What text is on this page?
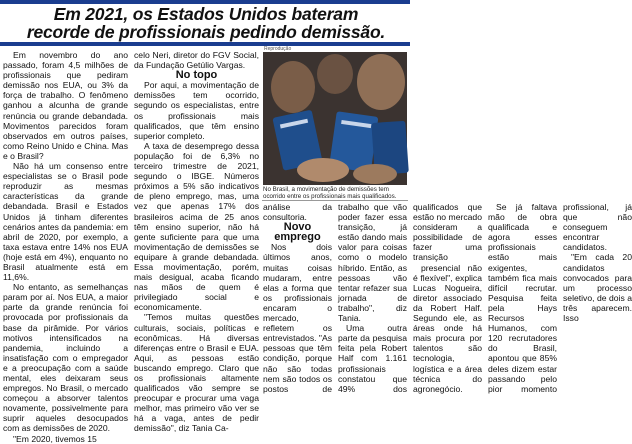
Em 2021, os Estados Unidos bateram
recorde de profissionais pedindo demissão.

Em novembro do ano passado, foram 4,5 milhões de profissionais que pediram demissão nos EUA, ou 3% da força de trabalho. O fenômeno ganhou a alcunha de grande renúncia ou grande debandada. Movimentos parecidos foram observados em outros países, como Reino Unido e China. Mas e o Brasil?

Não há um consenso entre especialistas se o Brasil pode reproduzir as mesmas características da grande debandada. Brasil e Estados Unidos já tinham diferentes cenários antes da pandemia: em abril de 2020, por exemplo, a taxa estava entre 14% nos EUA (hoje está em 4%), enquanto no Brasil atualmente está em 11,6%.

No entanto, as semelhanças param por aí. Nos EUA, a maior parte da grande renúncia foi provocada por profissionais da base da pirâmide. Por vários motivos intensificados na pandemia, incluindo a insatisfação com o empregador e a preocupação com a saúde mental, eles deixaram seus empregos. No Brasil, o mercado começou a absorver talentos novamente, possivelmente para suprir aqueles desocupados com as demissões de 2020.

"Em 2020, tivemos 15

celo Neri, diretor do FGV Social, da Fundação Getúlio Vargas.

No topo

Por aqui, a movimentação de demissões tem ocorrido, segundo os especialistas, entre os profissionais mais qualificados, que têm ensino superior completo.

A taxa de desemprego dessa população foi de 6,3% no terceiro trimestre de 2021, segundo o IBGE. Números próximos a 5% são indicativos de pleno emprego, mas, uma vez que apenas 17% dos brasileiros acima de 25 anos têm ensino superior, não há gente suficiente para que uma movimentação de demissões se equipare à grande debandada. Essa movimentação, porém, mais desigual, acaba ficando nas mãos de quem é privilegiado social e economicamente.

"Temos muitas questões culturais, sociais, políticas e econômicas. Há diversas diferenças entre o Brasil e EUA. Aqui, as pessoas estão buscando emprego. Claro que os profissionais altamente qualificados vão sempre se preocupar e procurar uma vaga melhor, mas primeiro vão ver se há a vaga, antes de pedir demissão", diz Tania Ca-

Reprodução
No Brasil, a movimentação de demissões tem ocorrido entre os profissionais mais qualificados.

análise da consultoria.

Novo emprego

Nos dois últimos anos, muitas coisas mudaram, entre elas a forma que os profissionais encaram o mercado, refletem os entrevistados. "As pessoas que têm condição, porque não são todas nem são todos os postos de trabalho que vão poder fazer essa transição, já estão dando mais valor para coisas como o modelo híbrido. Então, as pessoas vão tentar refazer sua jornada de trabalho", diz Tania.

Uma outra parte da pesquisa feita pela Robert Half com 1.161 profissionais constatou que 49% dos qualificados que estão no mercado consideram a possibilidade de fazer uma transição

presencial não é flexível", explica Lucas Nogueira, diretor associado da Robert Half. Segundo ele, as áreas onde há mais procura por talentos são tecnologia, logística e a área técnica do agronegócio.

Se já faltava mão de obra qualificada e agora esses profissionais estão mais exigentes, também fica mais difícil recrutar. Pesquisa feita pela Hays Recursos Humanos, com 120 recrutadores do Brasil, apontou que 85% deles dizem estar passando pelo pior momento profissional, já que não conseguem encontrar candidatos.

"Em cada 20 candidatos convocados para um processo seletivo, de dois a três aparecem. Isso
